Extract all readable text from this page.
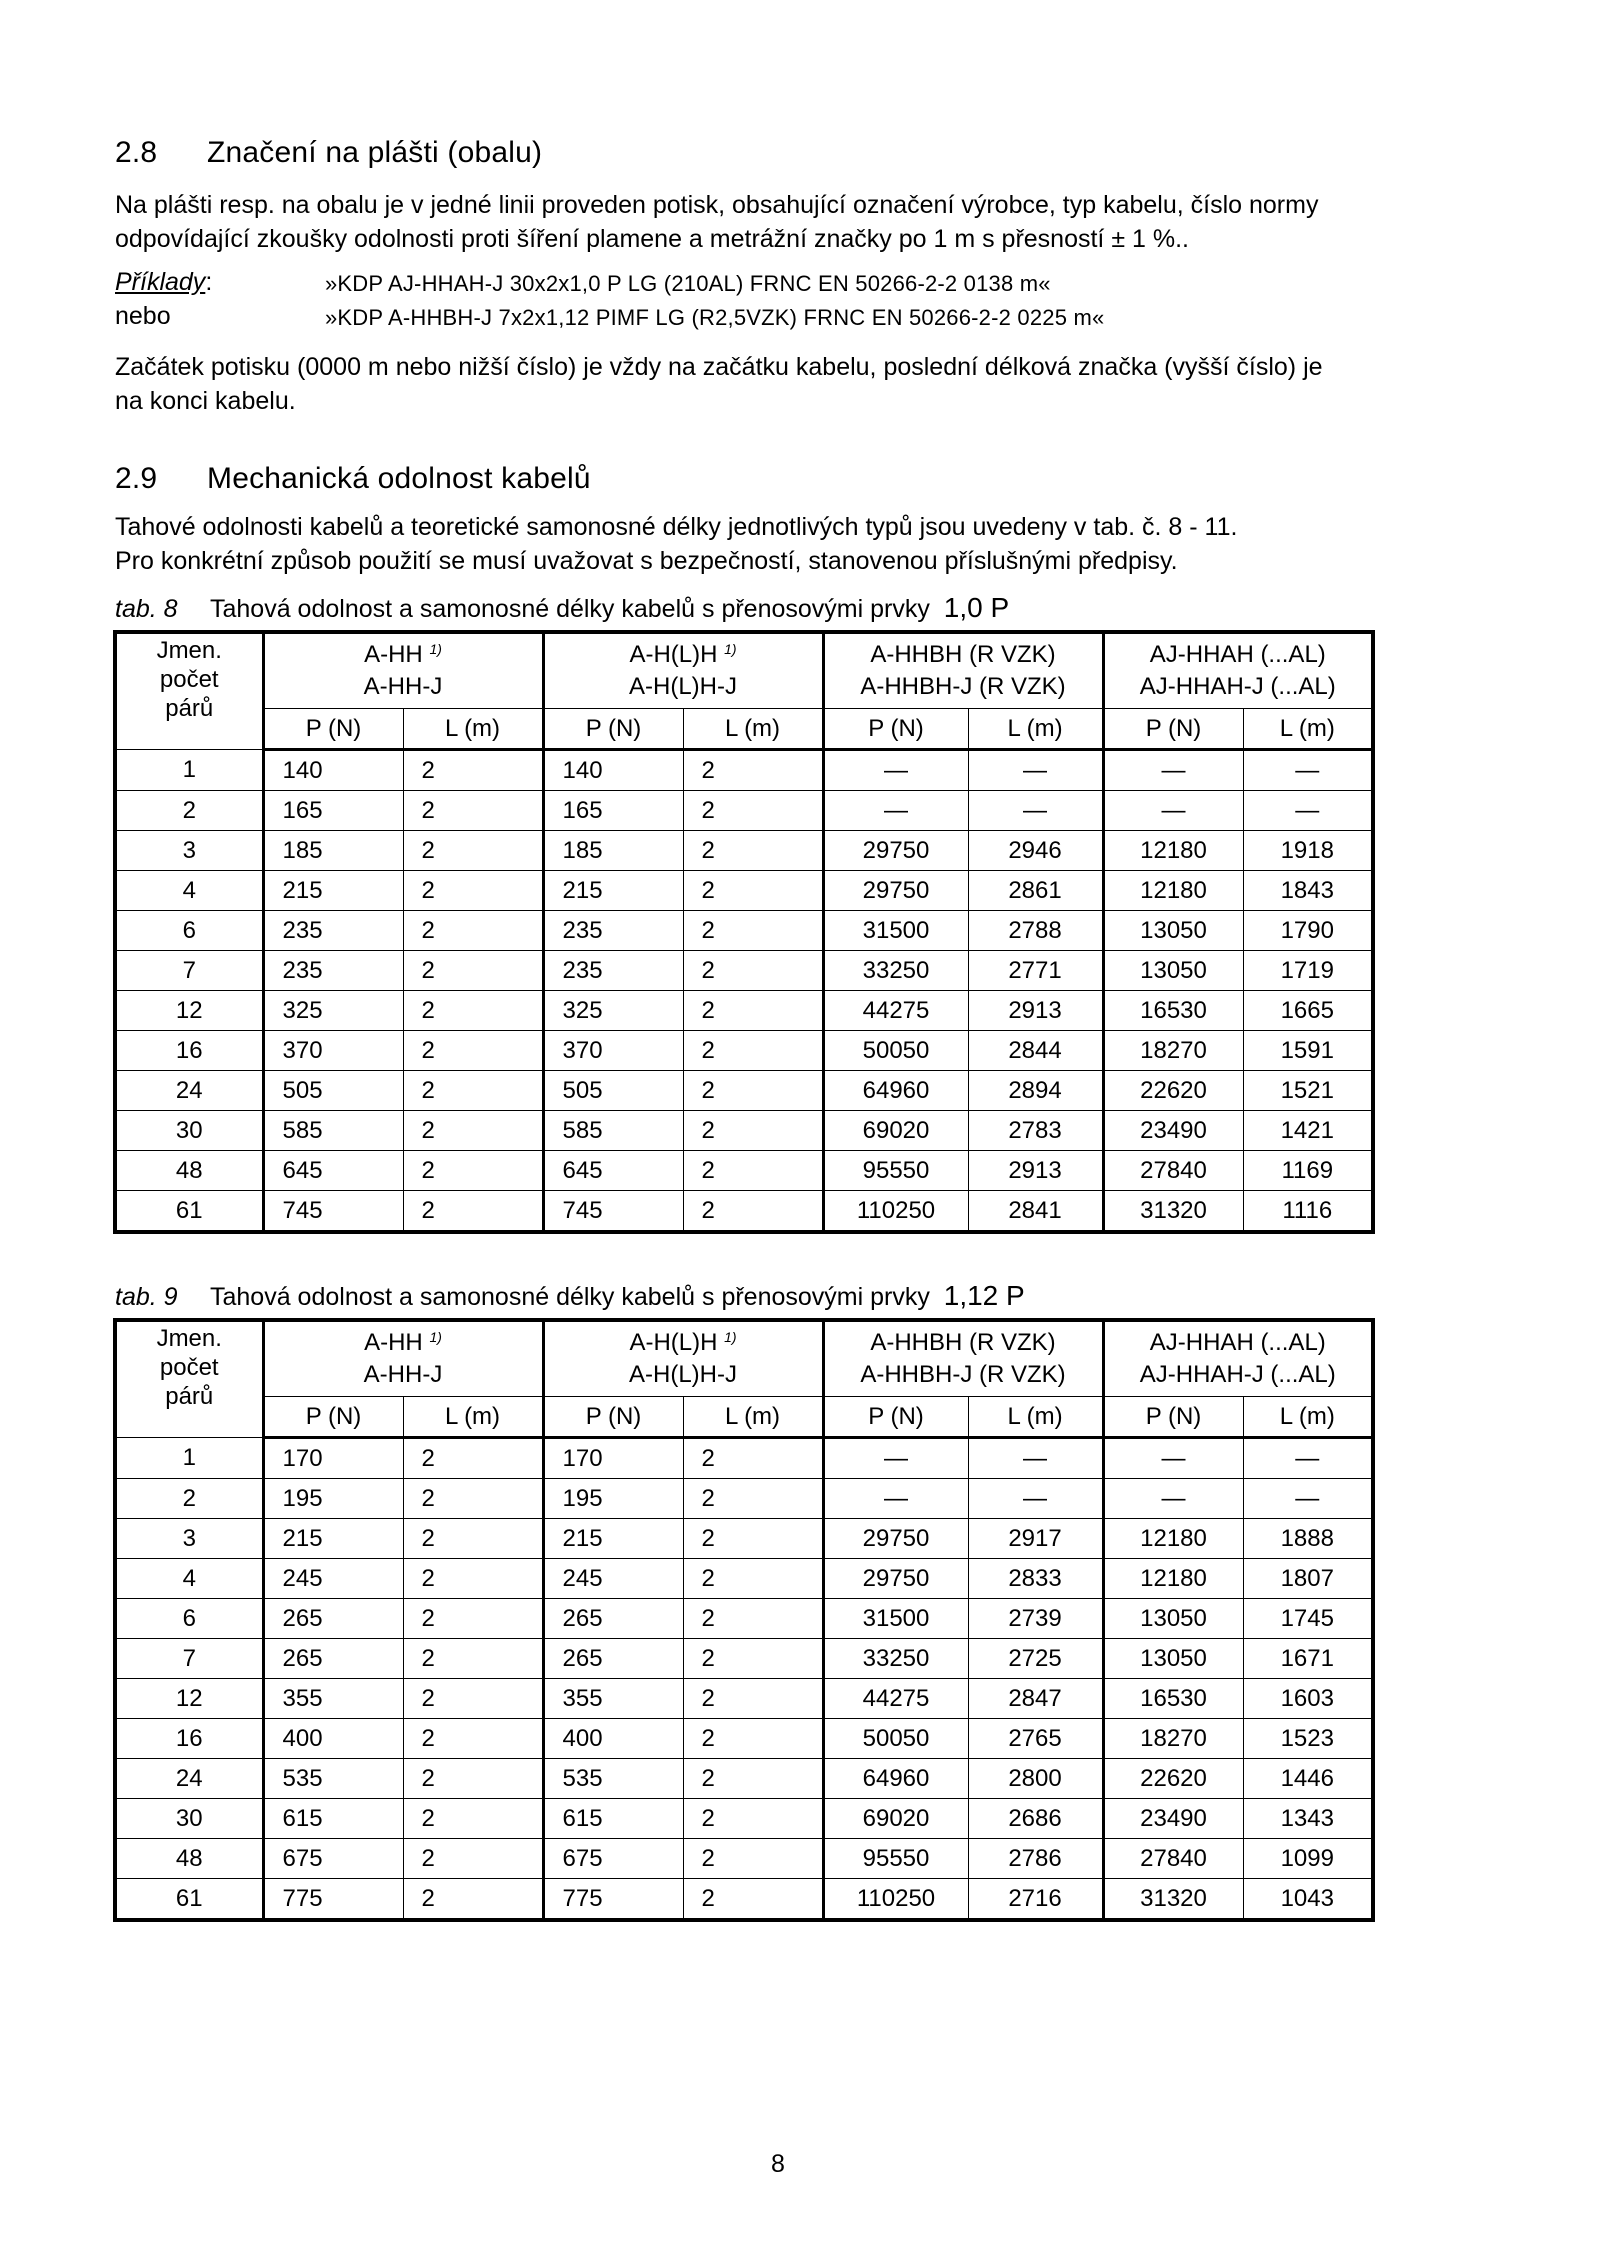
2.8 Značení na plášti (obalu)

Na plášti resp. na obalu je v jedné linii proveden potisk, obsahující označení výrobce, typ kabelu, číslo normy
odpovídající zkoušky odolnosti proti šíření plamene a metrážní značky po 1 m s přesností ± 1 %..

Příklady:	»KDP AJ-HHAH-J 30x2x1,0 P LG (210AL) FRNC EN 50266-2-2 0138 m«
nebo	»KDP A-HHBH-J 7x2x1,12 PIMF LG (R2,5VZK) FRNC EN 50266-2-2 0225 m«

Začátek potisku (0000 m nebo nižší číslo) je vždy na začátku kabelu, poslední délková značka (vyšší číslo) je
na konci kabelu.

2.9 Mechanická odolnost kabelů

Tahové odolnosti kabelů a teoretické samonosné délky jednotlivých typů jsou uvedeny v tab. č. 8 - 11.
Pro konkrétní způsob použití se musí uvažovat s bezpečností, stanovenou příslušnými předpisy.

tab. 8 Tahová odolnost a samonosné délky kabelů s přenosovými prvky 1,0 P
Jmen.
počet
párů	A-HH $^{1)}$
A-HH-J		A-H(L)H $^{1)}$
A-H(L)H-J		A-HHBH (R VZK)
A-HHBH-J (R VZK)		AJ-HHAH (...AL)
AJ-HHAH-J (...AL)	
	P (N)	L (m)	P (N)	L (m)	P (N)	L (m)	P (N)	L (m)
1	140	2	140	2	—	—	—	—
2	165	2	165	2	—	—	—	—
3	185	2	185	2	29750	2946	12180	1918
4	215	2	215	2	29750	2861	12180	1843
6	235	2	235	2	31500	2788	13050	1790
7	235	2	235	2	33250	2771	13050	1719
12	325	2	325	2	44275	2913	16530	1665
16	370	2	370	2	50050	2844	18270	1591
24	505	2	505	2	64960	2894	22620	1521
30	585	2	585	2	69020	2783	23490	1421
48	645	2	645	2	95550	2913	27840	1169
61	745	2	745	2	110250	2841	31320	1116
tab. 9 Tahová odolnost a samonosné délky kabelů s přenosovými prvky 1,12 P
Jmen.
počet
párů	A-HH $^{1)}$
A-HH-J		A-H(L)H $^{1)}$
A-H(L)H-J		A-HHBH (R VZK)
A-HHBH-J (R VZK)		AJ-HHAH (...AL)
AJ-HHAH-J (...AL)	
	P (N)	L (m)	P (N)	L (m)	P (N)	L (m)	P (N)	L (m)
1	170	2	170	2	—	—	—	—
2	195	2	195	2	—	—	—	—
3	215	2	215	2	29750	2917	12180	1888
4	245	2	245	2	29750	2833	12180	1807
6	265	2	265	2	31500	2739	13050	1745
7	265	2	265	2	33250	2725	13050	1671
12	355	2	355	2	44275	2847	16530	1603
16	400	2	400	2	50050	2765	18270	1523
24	535	2	535	2	64960	2800	22620	1446
30	615	2	615	2	69020	2686	23490	1343
48	675	2	675	2	95550	2786	27840	1099
61	775	2	775	2	110250	2716	31320	1043
8
